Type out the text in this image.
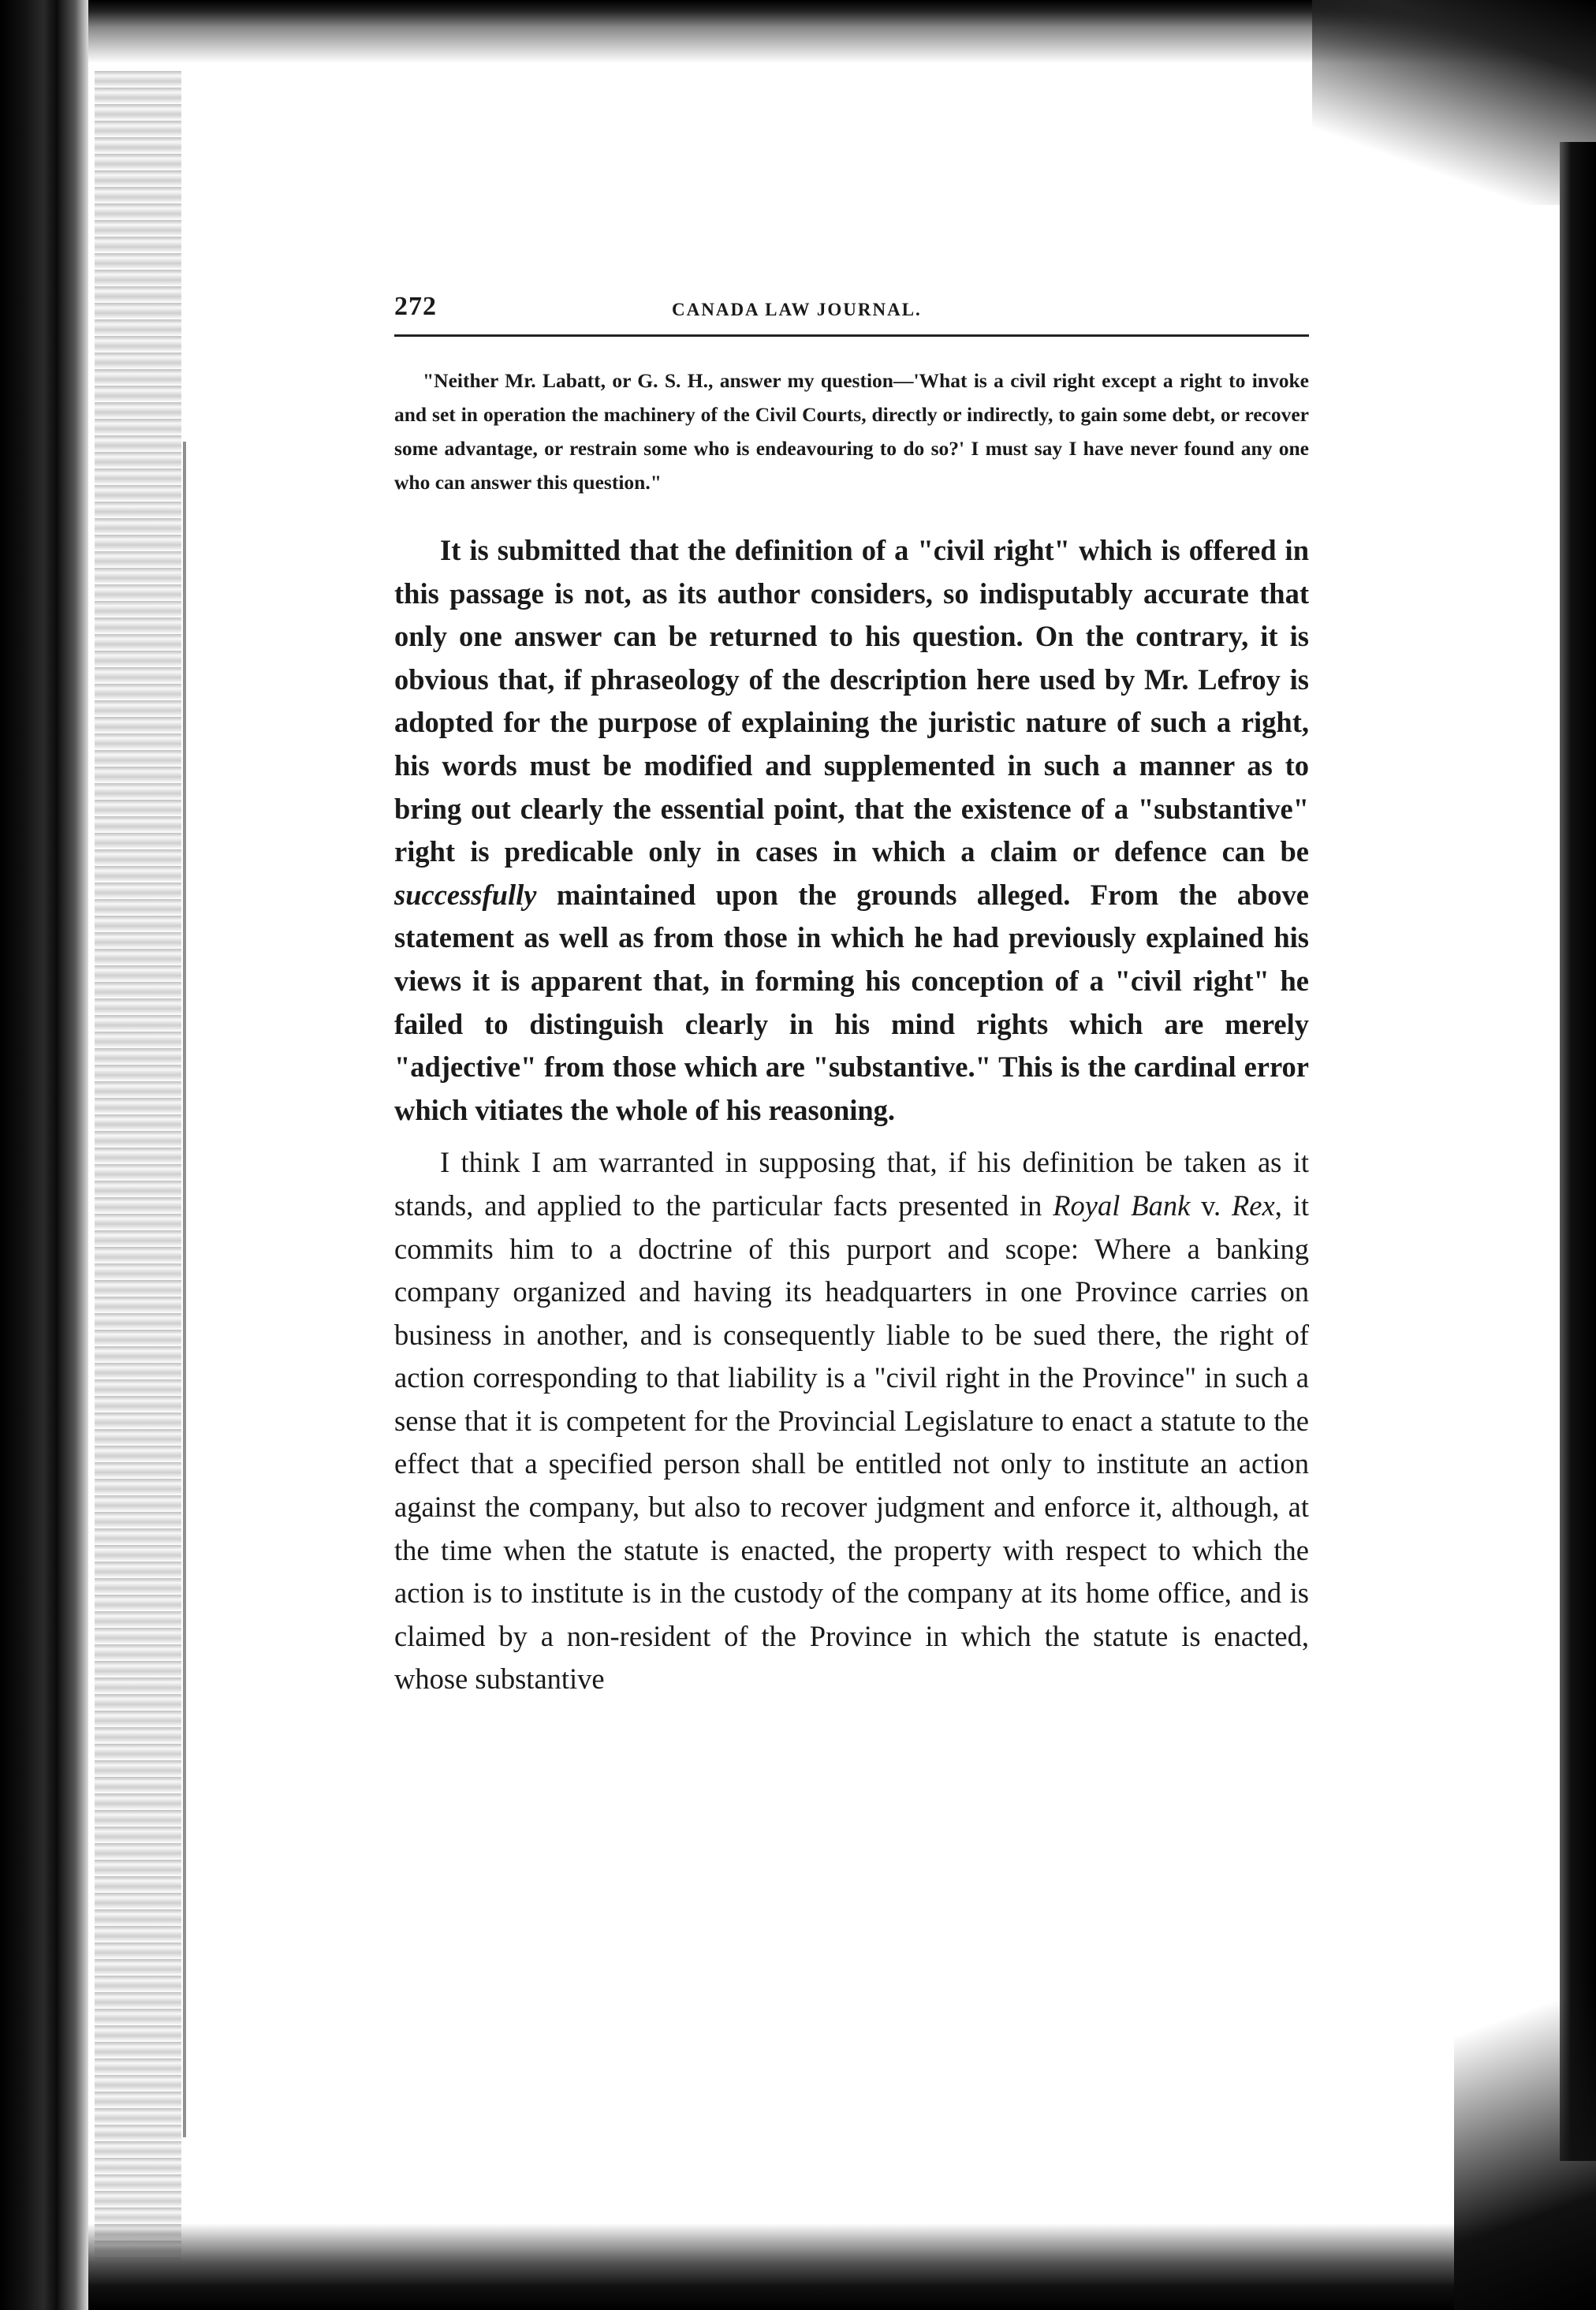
272	CANADA LAW JOURNAL.

"Neither Mr. Labatt, or G. S. H., answer my question—'What is a civil right except a right to invoke and set in operation the machinery of the Civil Courts, directly or indirectly, to gain some debt, or recover some advantage, or restrain some who is endeavouring to do so?' I must say I have never found any one who can answer this question."

It is submitted that the definition of a "civil right" which is offered in this passage is not, as its author considers, so indisputably accurate that only one answer can be returned to his question. On the contrary, it is obvious that, if phraseology of the description here used by Mr. Lefroy is adopted for the purpose of explaining the juristic nature of such a right, his words must be modified and supplemented in such a manner as to bring out clearly the essential point, that the existence of a "substantive" right is predicable only in cases in which a claim or defence can be successfully maintained upon the grounds alleged. From the above statement as well as from those in which he had previously explained his views it is apparent that, in forming his conception of a "civil right" he failed to distinguish clearly in his mind rights which are merely "adjective" from those which are "substantive." This is the cardinal error which vitiates the whole of his reasoning.

I think I am warranted in supposing that, if his definition be taken as it stands, and applied to the particular facts presented in Royal Bank v. Rex, it commits him to a doctrine of this purport and scope: Where a banking company organized and having its headquarters in one Province carries on business in another, and is consequently liable to be sued there, the right of action corresponding to that liability is a "civil right in the Province" in such a sense that it is competent for the Provincial Legislature to enact a statute to the effect that a specified person shall be entitled not only to institute an action against the company, but also to recover judgment and enforce it, although, at the time when the statute is enacted, the property with respect to which the action is to institute is in the custody of the company at its home office, and is claimed by a non-resident of the Province in which the statute is enacted, whose substantive
